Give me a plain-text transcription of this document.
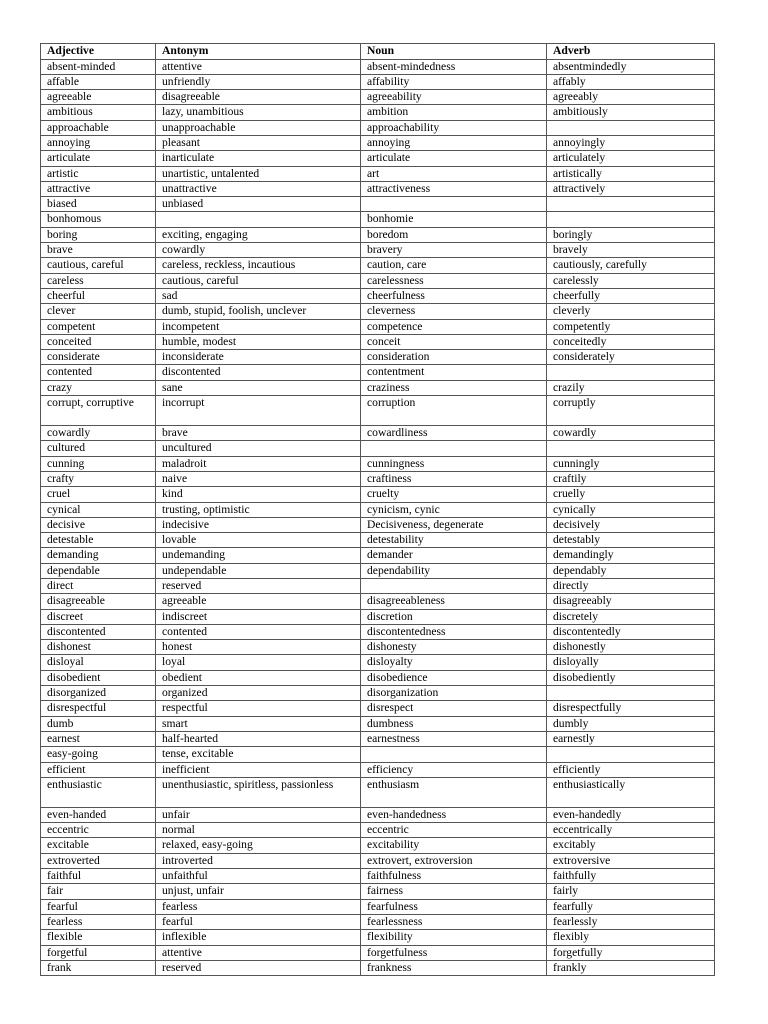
Adjective	Antonym	Noun	Adverb
absent-minded	attentive	absent-mindedness	absentmindedly
affable	unfriendly	affability	affably
agreeable	disagreeable	agreeability	agreeably
ambitious	lazy, unambitious	ambition	ambitiously
approachable	unapproachable	approachability	
annoying	pleasant	annoying	annoyingly
articulate	inarticulate	articulate	articulately
artistic	unartistic, untalented	art	artistically
attractive	unattractive	attractiveness	attractively
biased	unbiased		
bonhomous		bonhomie	
boring	exciting, engaging	boredom	boringly
brave	cowardly	bravery	bravely
cautious, careful	careless, reckless, incautious	caution, care	cautiously, carefully
careless	cautious, careful	carelessness	carelessly
cheerful	sad	cheerfulness	cheerfully
clever	dumb, stupid, foolish, unclever	cleverness	cleverly
competent	incompetent	competence	competently
conceited	humble, modest	conceit	conceitedly
considerate	inconsiderate	consideration	considerately
contented	discontented	contentment	
crazy	sane	craziness	crazily
corrupt, corruptive	incorrupt	corruption	corruptly
cowardly	brave	cowardliness	cowardly
cultured	uncultured		
cunning	maladroit	cunningness	cunningly
crafty	naive	craftiness	craftily
cruel	kind	cruelty	cruelly
cynical	trusting, optimistic	cynicism, cynic	cynically
decisive	indecisive	Decisiveness, degenerate	decisively
detestable	lovable	detestability	detestably
demanding	undemanding	demander	demandingly
dependable	undependable	dependability	dependably
direct	reserved		directly
disagreeable	agreeable	disagreeableness	disagreeably
discreet	indiscreet	discretion	discretely
discontented	contented	discontentedness	discontentedly
dishonest	honest	dishonesty	dishonestly
disloyal	loyal	disloyalty	disloyally
disobedient	obedient	disobedience	disobediently
disorganized	organized	disorganization	
disrespectful	respectful	disrespect	disrespectfully
dumb	smart	dumbness	dumbly
earnest	half-hearted	earnestness	earnestly
easy-going	tense, excitable		
efficient	inefficient	efficiency	efficiently
enthusiastic	unenthusiastic, spiritless, passionless	enthusiasm	enthusiastically
even-handed	unfair	even-handedness	even-handedly
eccentric	normal	eccentric	eccentrically
excitable	relaxed, easy-going	excitability	excitably
extroverted	introverted	extrovert, extroversion	extroversive
faithful	unfaithful	faithfulness	faithfully
fair	unjust, unfair	fairness	fairly
fearful	fearless	fearfulness	fearfully
fearless	fearful	fearlessness	fearlessly
flexible	inflexible	flexibility	flexibly
forgetful	attentive	forgetfulness	forgetfully
frank	reserved	frankness	frankly
